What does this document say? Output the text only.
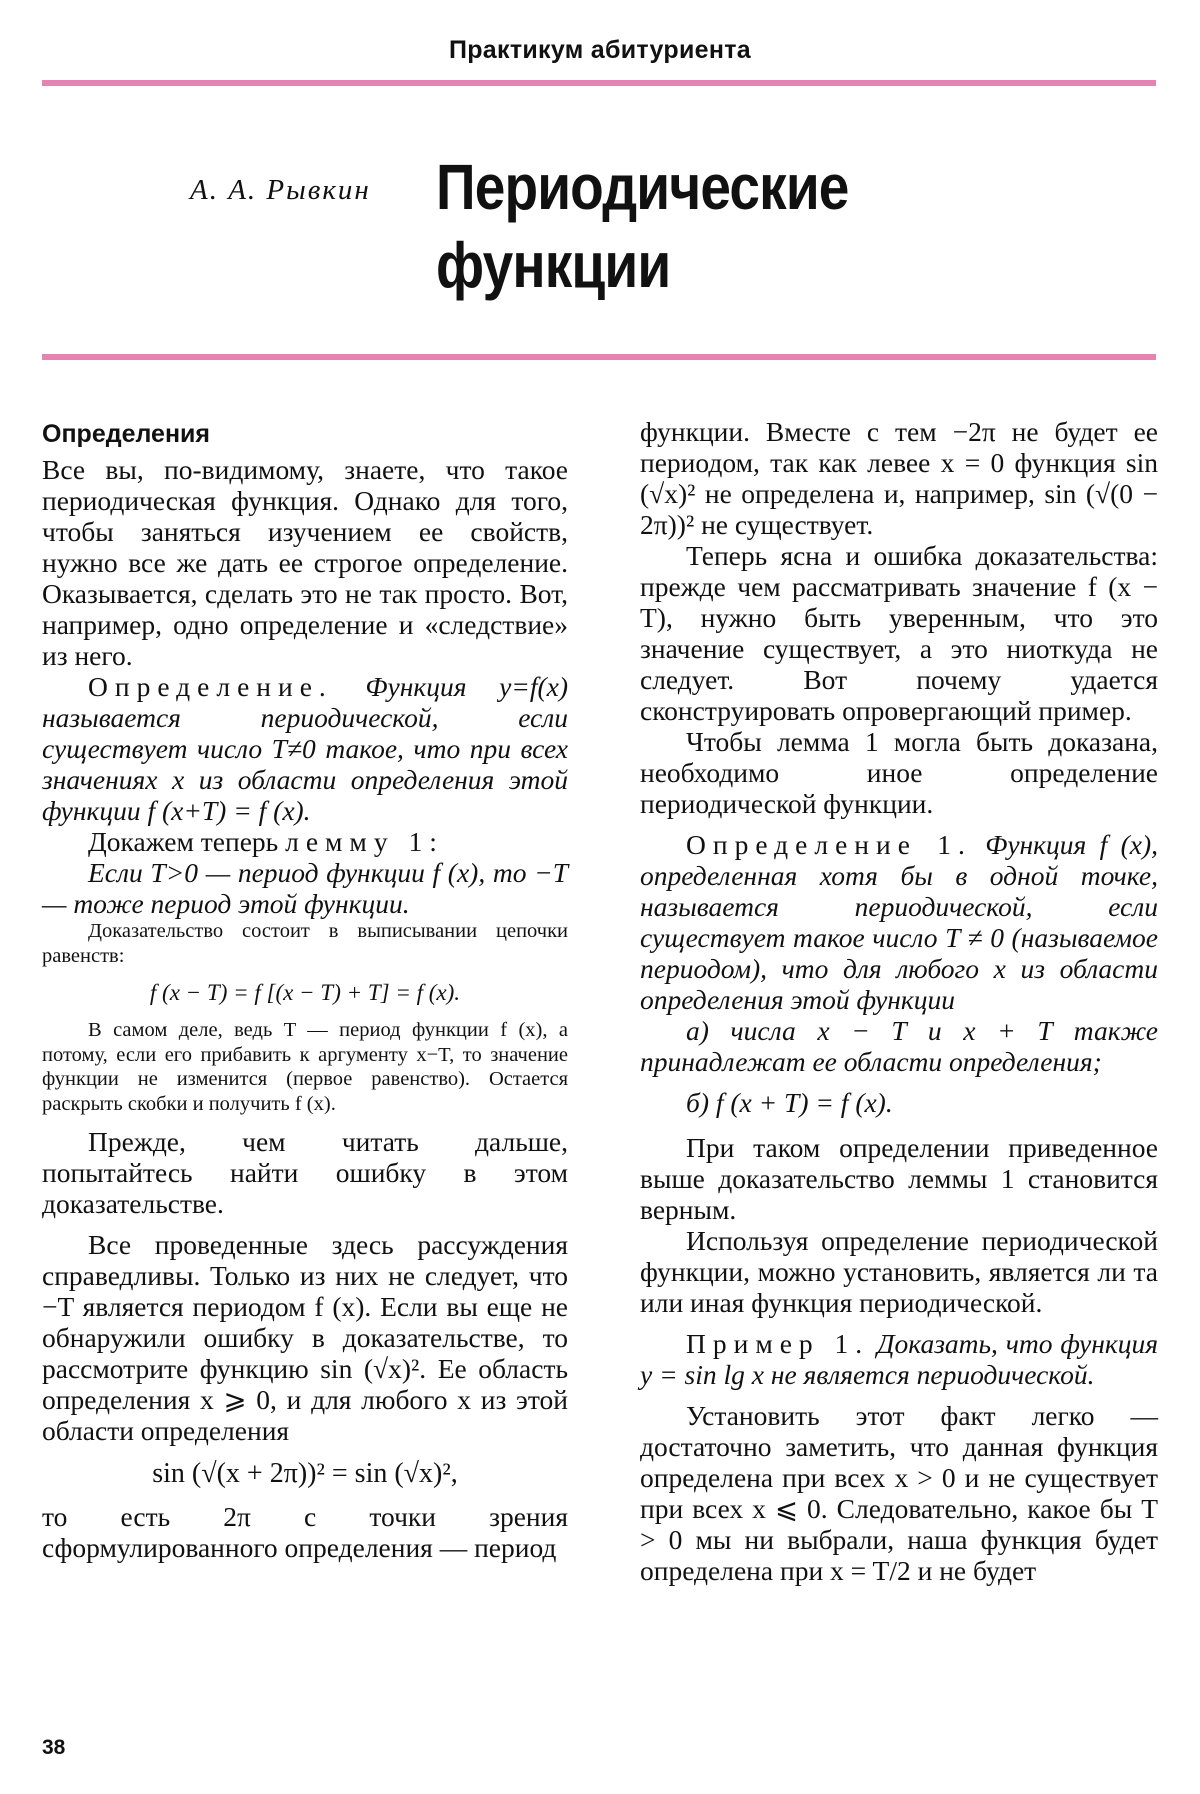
Практикум абитуриента
А. А. Рывкин Периодические
функции
Определения

Все вы, по-видимому, знаете, что такое периодическая функция. Однако для того, чтобы заняться изучением ее свойств, нужно все же дать ее строгое определение. Оказывается, сделать это не так просто. Вот, например, одно определение и «следствие» из него.

Определение. Функция y=f(x) называется периодической, если существует число T≠0 такое, что при всех значениях x из области определения этой функции f (x+T) = f (x).

Докажем теперь лемму 1:

Если T>0 — период функции f (x), то −T — тоже период этой функции.

Доказательство состоит в выписывании цепочки равенств:

f (x − T) = f [(x − T) + T] = f (x).

В самом деле, ведь T — период функции f (x), а потому, если его прибавить к аргументу x−T, то значение функции не изменится (первое равенство). Остается раскрыть скобки и получить f (x).

Прежде, чем читать дальше, попытайтесь найти ошибку в этом доказательстве.

Все проведенные здесь рассуждения справедливы. Только из них не следует, что −T является периодом f (x). Если вы еще не обнаружили ошибку в доказательстве, то рассмотрите функцию sin (√x)². Ее область определения x ⩾ 0, и для любого x из этой области определения

sin (√(x + 2π))² = sin (√x)²,

то есть 2π с точки зрения сформулированного определения — период

функции. Вместе с тем −2π не будет ее периодом, так как левее x = 0 функция sin (√x)² не определена и, например, sin (√(0 − 2π))² не существует.

Теперь ясна и ошибка доказательства: прежде чем рассматривать значение f (x − T), нужно быть уверенным, что это значение существует, а это ниоткуда не следует. Вот почему удается сконструировать опровергающий пример.

Чтобы лемма 1 могла быть доказана, необходимо иное определение периодической функции.

Определение 1. Функция f (x), определенная хотя бы в одной точке, называется периодической, если существует такое число T ≠ 0 (называемое периодом), что для любого x из области определения этой функции

а) числа x − T и x + T также принадлежат ее области определения;

б) f (x + T) = f (x).

При таком определении приведенное выше доказательство леммы 1 становится верным.

Используя определение периодической функции, можно установить, является ли та или иная функция периодической.

Пример 1. Доказать, что функция y = sin lg x не является периодической.

Установить этот факт легко — достаточно заметить, что данная функция определена при всех x > 0 и не существует при всех x ⩽ 0. Следовательно, какое бы T > 0 мы ни выбрали, наша функция будет определена при x = T/2 и не будет

38
